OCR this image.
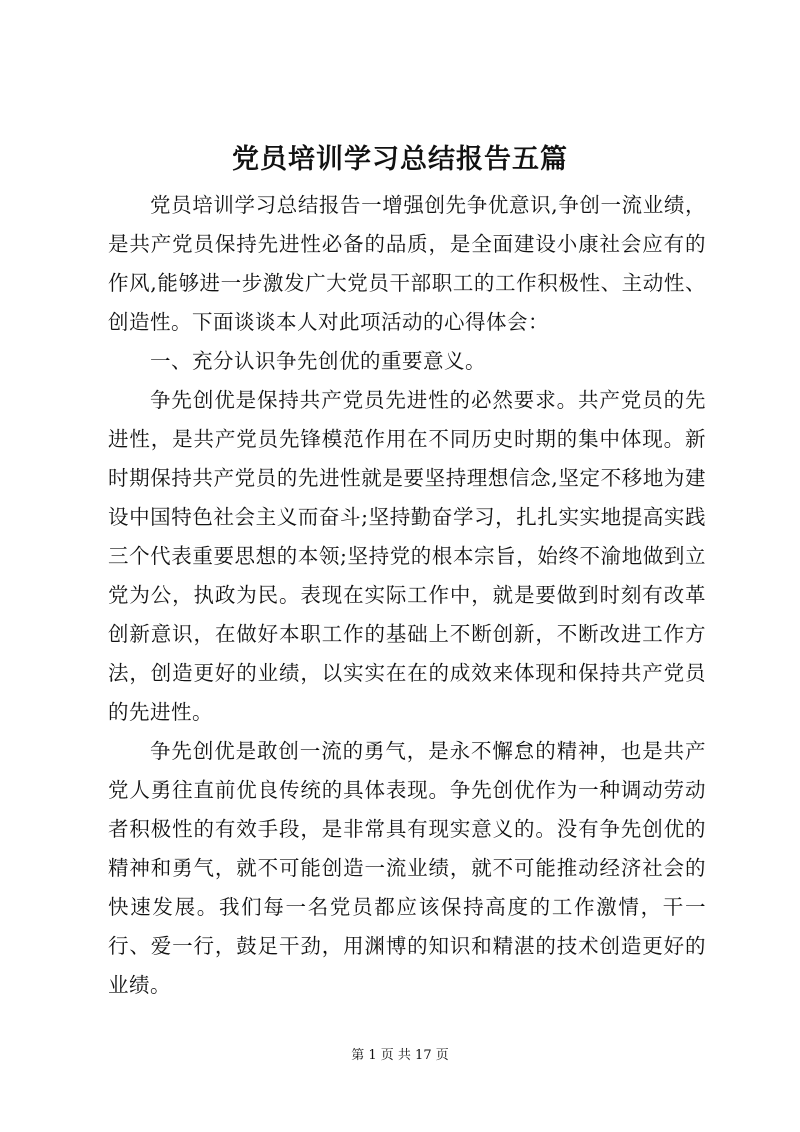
党员培训学习总结报告五篇

党员培训学习总结报告一增强创先争优意识,争创一流业绩，是共产党员保持先进性必备的品质，是全面建设小康社会应有的作风,能够进一步激发广大党员干部职工的工作积极性、主动性、创造性。下面谈谈本人对此项活动的心得体会：

一、充分认识争先创优的重要意义。

争先创优是保持共产党员先进性的必然要求。共产党员的先进性，是共产党员先锋模范作用在不同历史时期的集中体现。新时期保持共产党员的先进性就是要坚持理想信念,坚定不移地为建设中国特色社会主义而奋斗;坚持勤奋学习，扎扎实实地提高实践三个代表重要思想的本领;坚持党的根本宗旨，始终不渝地做到立党为公，执政为民。表现在实际工作中，就是要做到时刻有改革创新意识，在做好本职工作的基础上不断创新，不断改进工作方法，创造更好的业绩，以实实在在的成效来体现和保持共产党员的先进性。

争先创优是敢创一流的勇气，是永不懈怠的精神，也是共产党人勇往直前优良传统的具体表现。争先创优作为一种调动劳动者积极性的有效手段，是非常具有现实意义的。没有争先创优的精神和勇气，就不可能创造一流业绩，就不可能推动经济社会的快速发展。我们每一名党员都应该保持高度的工作激情，干一行、爱一行，鼓足干劲，用渊博的知识和精湛的技术创造更好的业绩。

第 1 页 共 17 页
